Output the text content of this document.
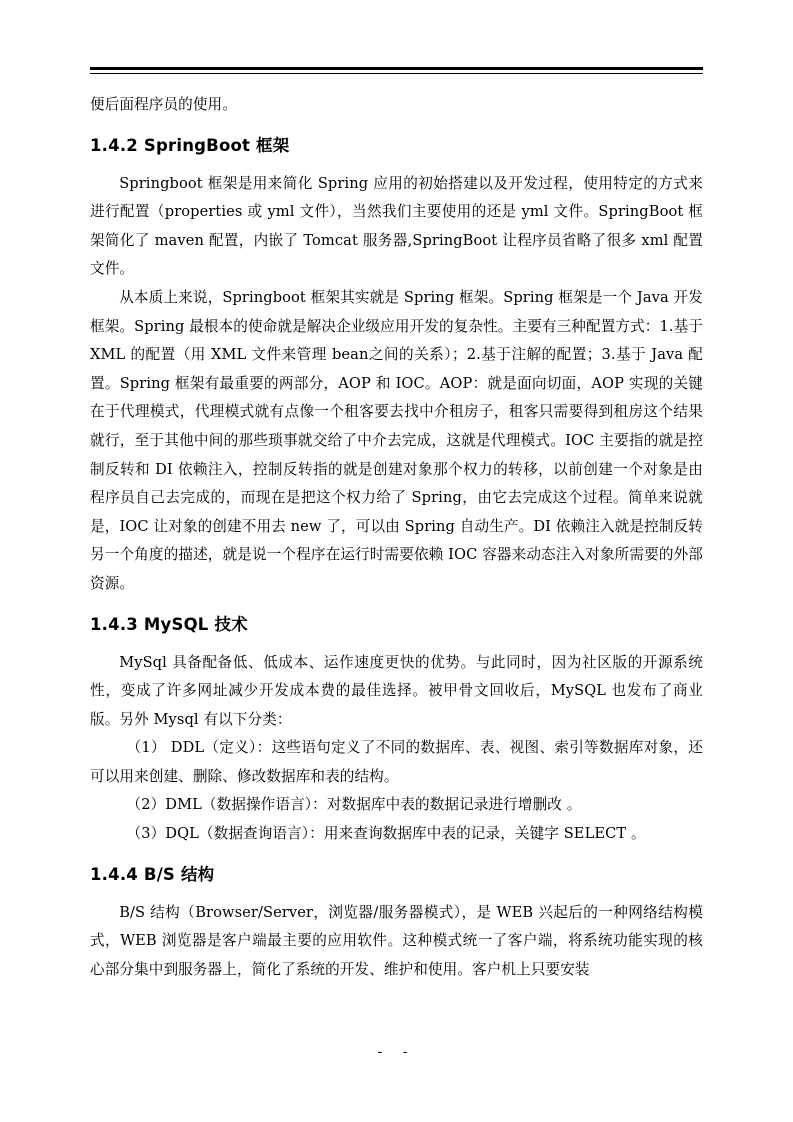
便后面程序员的使用。

1.4.2 SpringBoot 框架

Springboot 框架是用来简化 Spring 应用的初始搭建以及开发过程，使用特定的方式来进行配置（properties 或 yml 文件），当然我们主要使用的还是 yml 文件。SpringBoot 框架简化了 maven 配置，内嵌了 Tomcat 服务器,SpringBoot 让程序员省略了很多 xml 配置文件。

从本质上来说，Springboot 框架其实就是 Spring 框架。Spring 框架是一个 Java 开发框架。Spring 最根本的使命就是解决企业级应用开发的复杂性。主要有三种配置方式：1.基于 XML 的配置（用 XML 文件来管理 bean之间的关系）；2.基于注解的配置；3.基于 Java 配置。Spring 框架有最重要的两部分，AOP 和 IOC。AOP：就是面向切面，AOP 实现的关键在于代理模式，代理模式就有点像一个租客要去找中介租房子，租客只需要得到租房这个结果就行，至于其他中间的那些琐事就交给了中介去完成，这就是代理模式。IOC 主要指的就是控制反转和 DI 依赖注入，控制反转指的就是创建对象那个权力的转移，以前创建一个对象是由程序员自己去完成的，而现在是把这个权力给了 Spring，由它去完成这个过程。简单来说就是，IOC 让对象的创建不用去 new 了，可以由 Spring 自动生产。DI 依赖注入就是控制反转另一个角度的描述，就是说一个程序在运行时需要依赖 IOC 容器来动态注入对象所需要的外部资源。

1.4.3 MySQL 技术

MySql 具备配备低、低成本、运作速度更快的优势。与此同时，因为社区版的开源系统性，变成了许多网址减少开发成本费的最佳选择。被甲骨文回收后，MySQL 也发布了商业版。另外 Mysql 有以下分类：

（1） DDL（定义）：这些语句定义了不同的数据库、表、视图、索引等数据库对象，还可以用来创建、删除、修改数据库和表的结构。

（2）DML（数据操作语言）：对数据库中表的数据记录进行增删改 。

（3）DQL（数据查询语言）：用来查询数据库中表的记录，关键字 SELECT 。

1.4.4 B/S 结构

B/S 结构（Browser/Server，浏览器/服务器模式），是 WEB 兴起后的一种网络结构模式，WEB 浏览器是客户端最主要的应用软件。这种模式统一了客户端，将系统功能实现的核心部分集中到服务器上，简化了系统的开发、维护和使用。客户机上只要安装

- -
